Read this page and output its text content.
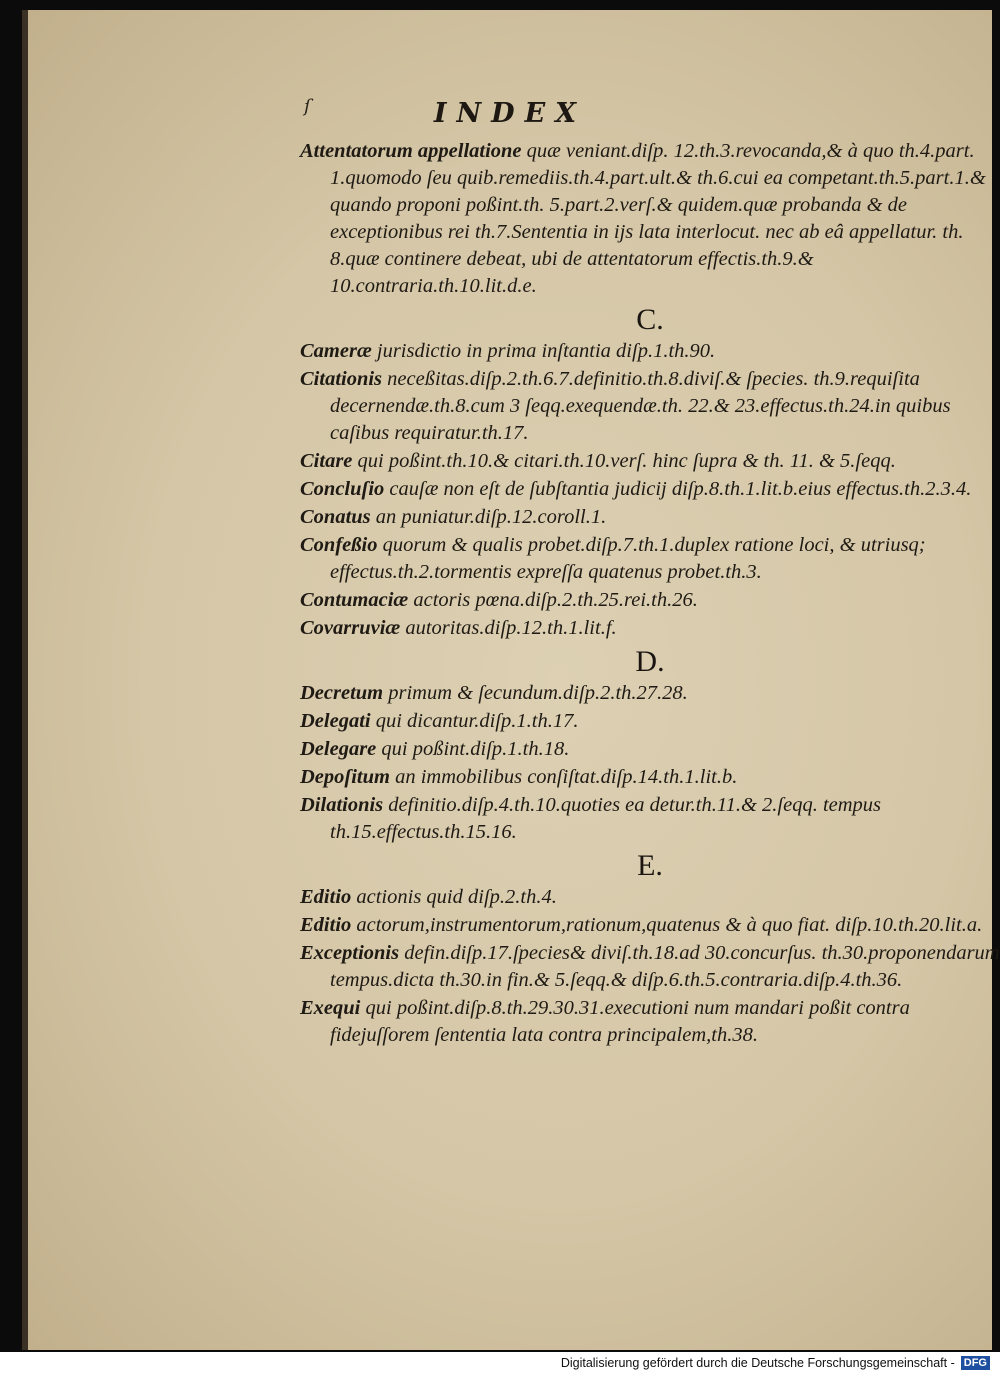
ſ	INDEX
Attentatorum appellatione quæ veniant.diſp. 12.th.3.revocanda,& à quo th.4.part. 1.quomodo ſeu quib.remediis.th.4.part.ult.& th.6.cui ea competant.th.5.part.1.& quando proponi poßint.th. 5.part.2.verſ.& quidem.quæ probanda & de exceptionibus rei th.7.Sententia in ijs lata interlocut. nec ab eâ appellatur. th. 8.quæ continere debeat, ubi de attentatorum effectis.th.9.& 10.contraria.th.10.lit.d.e.
C.
Cameræ jurisdictio in prima inſtantia diſp.1.th.90.
Citationis neceßitas.diſp.2.th.6.7.definitio.th.8.diviſ.& ſpecies. th.9.requiſita decernendæ.th.8.cum 3 ſeqq.exequendæ.th. 22.& 23.effectus.th.24.in quibus caſibus requiratur.th.17.
Citare qui poßint.th.10.& citari.th.10.verſ. hinc ſupra & th. 11. & 5.ſeqq.
Concluſio cauſæ non eſt de ſubſtantia judicij diſp.8.th.1.lit.b.eius effectus.th.2.3.4.
Conatus an puniatur.diſp.12.coroll.1.
Confeßio quorum & qualis probet.diſp.7.th.1.duplex ratione loci, & utriusq; effectus.th.2.tormentis expreſſa quatenus probet.th.3.
Contumaciæ actoris pœna.diſp.2.th.25.rei.th.26.
Covarruviæ autoritas.diſp.12.th.1.lit.f.
D.
Decretum primum & ſecundum.diſp.2.th.27.28.
Delegati qui dicantur.diſp.1.th.17.
Delegare qui poßint.diſp.1.th.18.
Depoſitum an immobilibus conſiſtat.diſp.14.th.1.lit.b.
Dilationis definitio.diſp.4.th.10.quoties ea detur.th.11.& 2.ſeqq. tempus th.15.effectus.th.15.16.
E.
Editio actionis quid diſp.2.th.4.
Editio actorum,instrumentorum,rationum,quatenus & à quo fiat. diſp.10.th.20.lit.a.
Exceptionis defin.diſp.17.ſpecies& diviſ.th.18.ad 30.concurſus. th.30.proponendarum tempus.dicta th.30.in fin.& 5.ſeqq.& diſp.6.th.5.contraria.diſp.4.th.36.
Exequi qui poßint.diſp.8.th.29.30.31.executioni num mandari poßit contra fidejuſſorem ſententia lata contra principalem,th.38.
Digitalisierung gefördert durch die Deutsche Forschungsgemeinschaft - DFG
